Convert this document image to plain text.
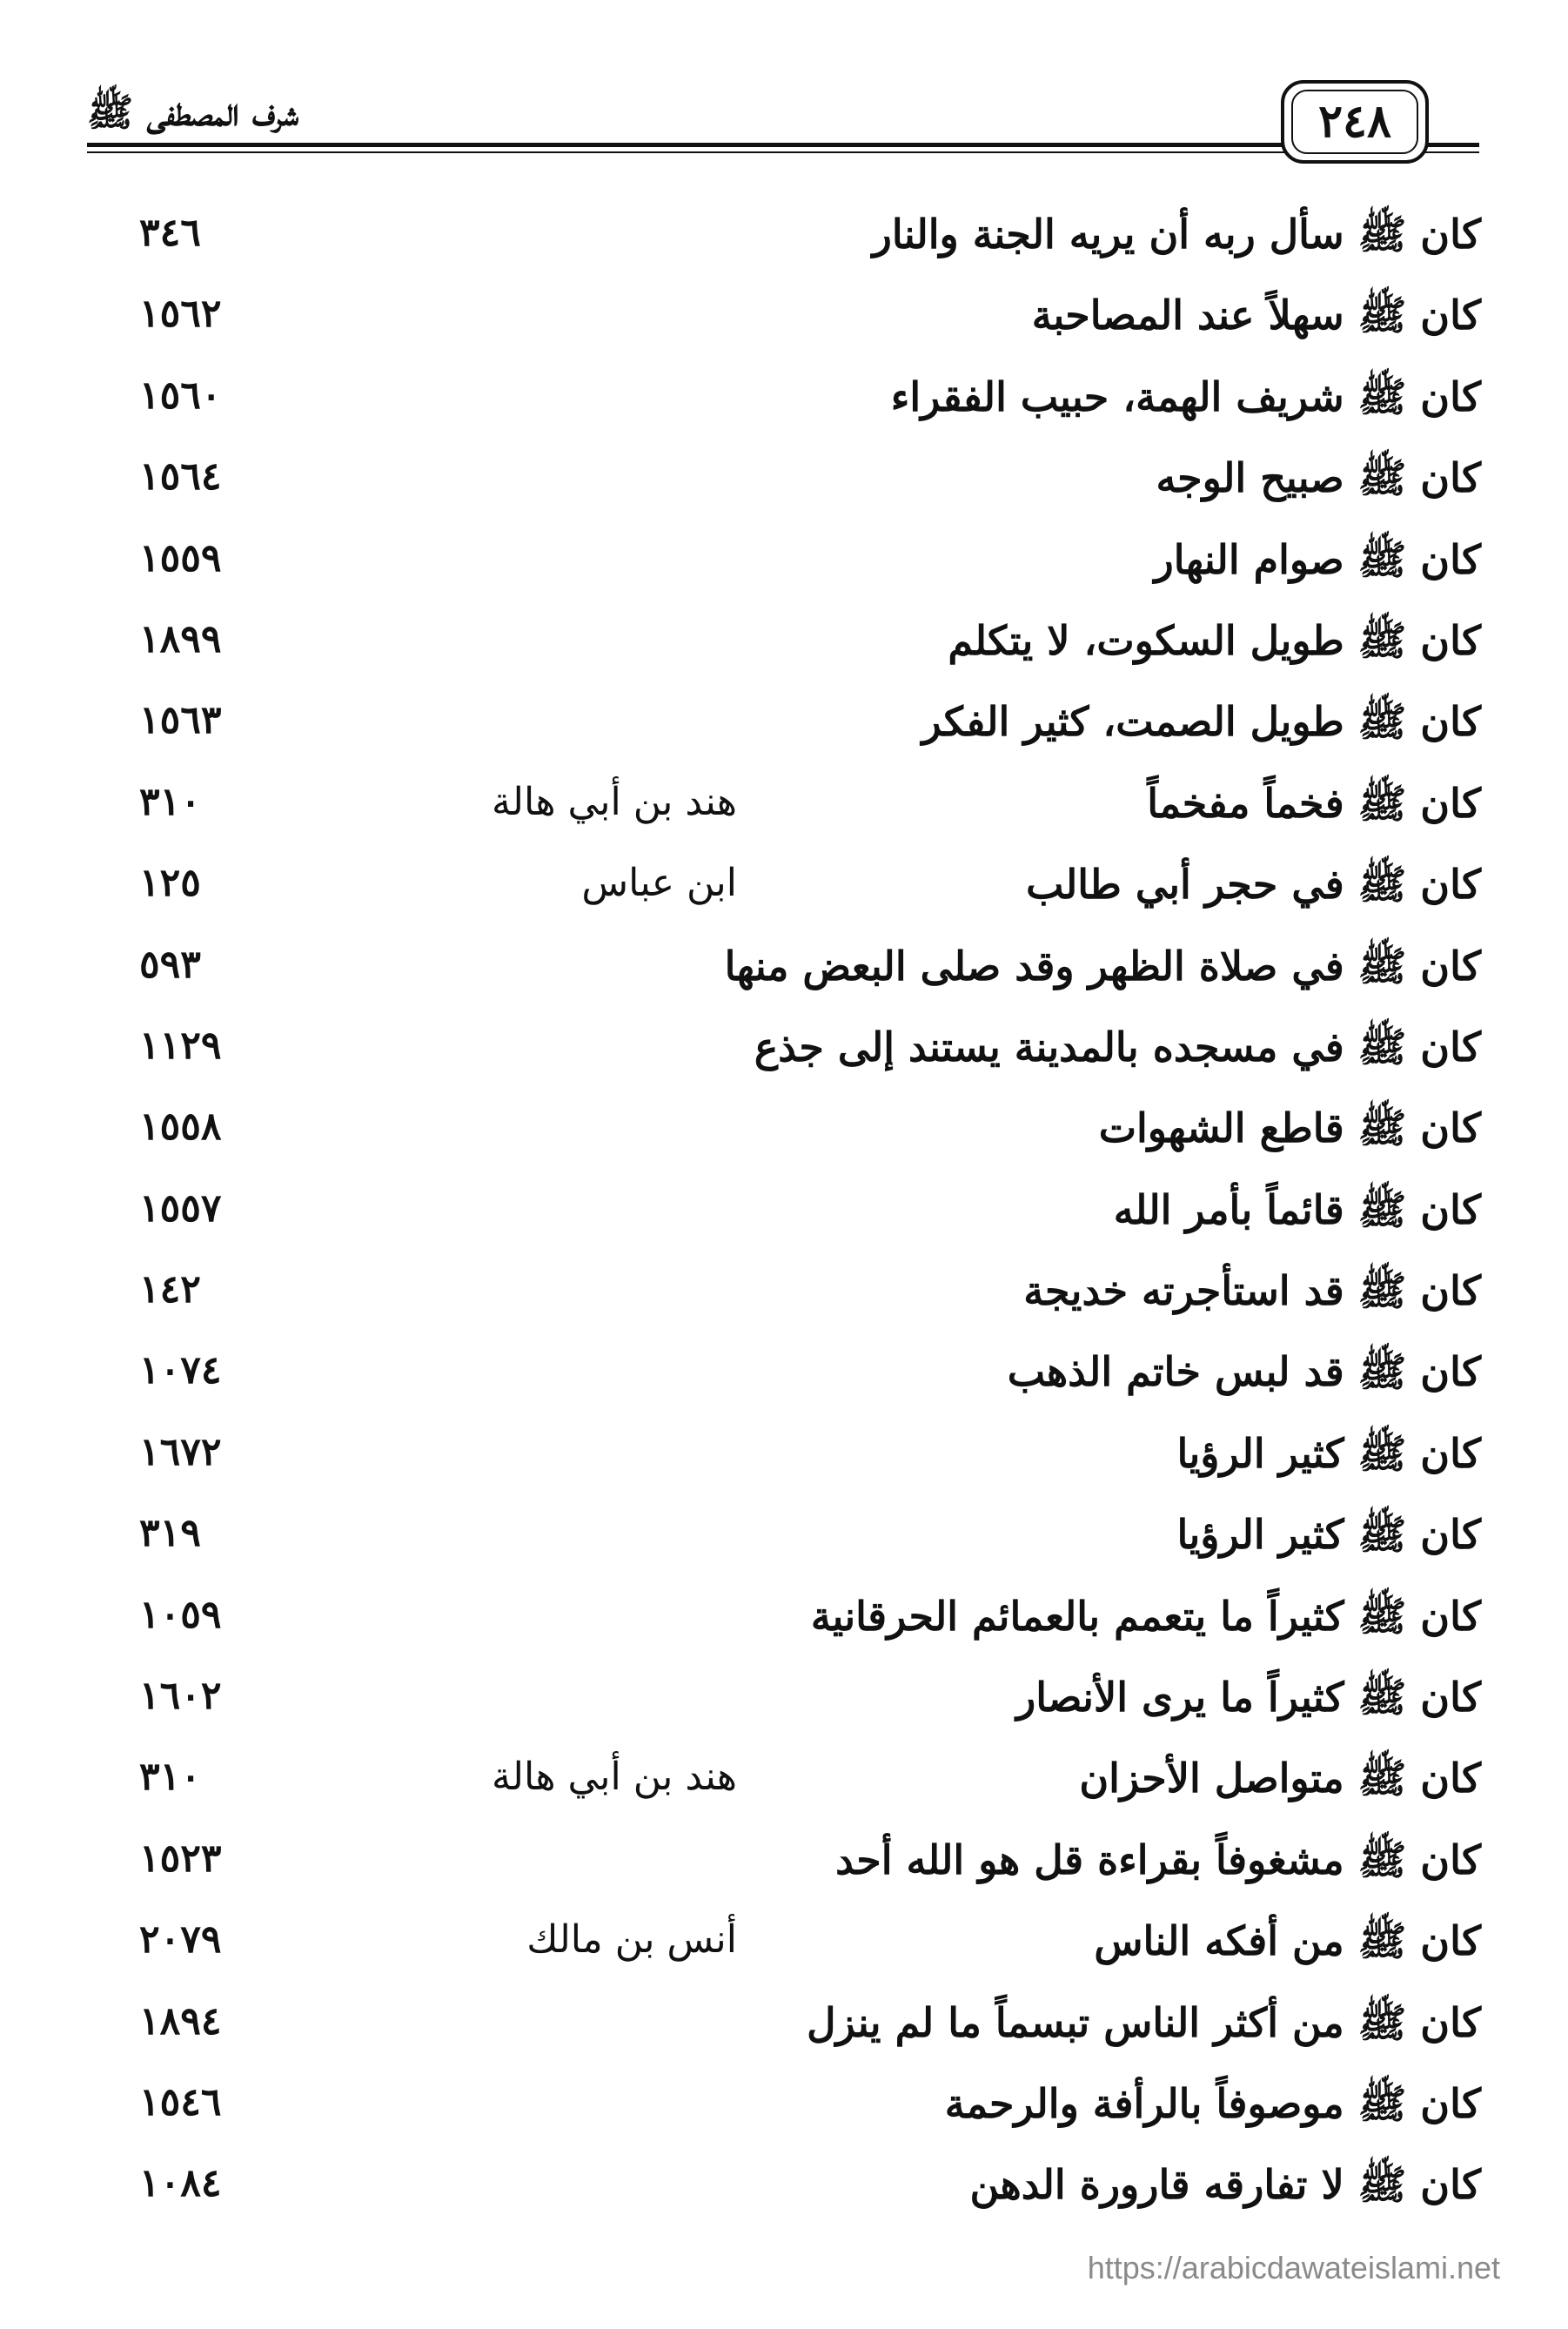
شرف المصطفى ﷺ	٢٤٨
كان ﷺ سأل ربه أن يريه الجنة والنار
٣٤٦
كان ﷺ سهلاً عند المصاحبة
١٥٦٢
كان ﷺ شريف الهمة، حبيب الفقراء
١٥٦٠
كان ﷺ صبيح الوجه
١٥٦٤
كان ﷺ صوام النهار
١٥٥٩
كان ﷺ طويل السكوت، لا يتكلم
١٨٩٩
كان ﷺ طويل الصمت، كثير الفكر
١٥٦٣
كان ﷺ فخماً مفخماً
هند بن أبي هالة
٣١٠
كان ﷺ في حجر أبي طالب
ابن عباس
١٢٥
كان ﷺ في صلاة الظهر وقد صلى البعض منها
٥٩٣
كان ﷺ في مسجده بالمدينة يستند إلى جذع
١١٢٩
كان ﷺ قاطع الشهوات
١٥٥٨
كان ﷺ قائماً بأمر الله
١٥٥٧
كان ﷺ قد استأجرته خديجة
١٤٢
كان ﷺ قد لبس خاتم الذهب
١٠٧٤
كان ﷺ كثير الرؤيا
١٦٧٢
كان ﷺ كثير الرؤيا
٣١٩
كان ﷺ كثيراً ما يتعمم بالعمائم الحرقانية
١٠٥٩
كان ﷺ كثيراً ما يرى الأنصار
١٦٠٢
كان ﷺ متواصل الأحزان
هند بن أبي هالة
٣١٠
كان ﷺ مشغوفاً بقراءة قل هو الله أحد
١٥٢٣
كان ﷺ من أفكه الناس
أنس بن مالك
٢٠٧٩
كان ﷺ من أكثر الناس تبسماً ما لم ينزل
١٨٩٤
كان ﷺ موصوفاً بالرأفة والرحمة
١٥٤٦
كان ﷺ لا تفارقه قارورة الدهن
١٠٨٤
https://arabicdawateislami.net
